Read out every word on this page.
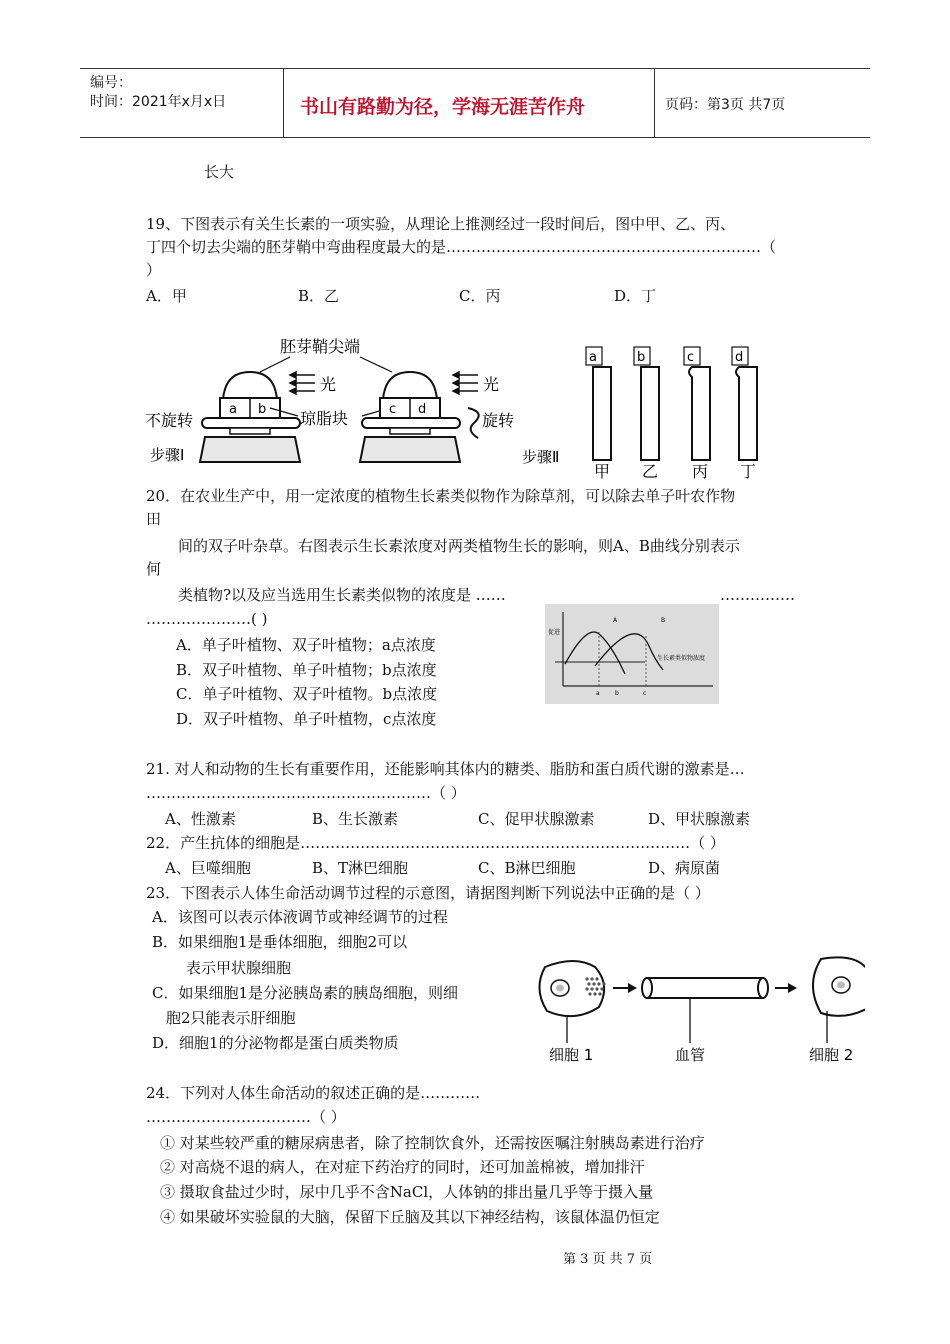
编号：
时间：2021年x月x日	书山有路勤为径，学海无涯苦作舟	页码：第3页 共7页
长大
19、下图表示有关生长素的一项实验，从理论上推测经过一段时间后，图中甲、乙、丙、
丁四个切去尖端的胚芽鞘中弯曲程度最大的是………………………………………………………（
）
A．甲	B．乙	C．丙	D．丁
胚芽鞘尖端
a b
光
琼脂块
不旋转
步骤Ⅰ
c d
光
旋转
a	b	c	d
步骤Ⅱ
甲 乙 丙 丁
20．在农业生产中，用一定浓度的植物生长素类似物作为除草剂，可以除去单子叶农作物
田
间的双子叶杂草。右图表示生长素浓度对两类植物生长的影响，则A、B曲线分别表示
何
类植物?以及应当选用生长素类似物的浓度是 ……	……………
…………………( )
A．单子叶植物、双子叶植物；a点浓度
B．双子叶植物、单子叶植物；b点浓度
C．单子叶植物、双子叶植物。b点浓度
D．双子叶植物、单子叶植物，c点浓度
促进
A	B
a	b	c
生长素类似物浓度
21. 对人和动物的生长有重要作用，还能影响其体内的糖类、脂肪和蛋白质代谢的激素是…
…………………………………………………（ ）
A、性激素	B、生长激素	C、促甲状腺激素	D、甲状腺激素
22．产生抗体的细胞是……………………………………………………………………（ ）
A、巨噬细胞	B、T淋巴细胞	C、B淋巴细胞	D、病原菌
23．下图表示人体生命活动调节过程的示意图，请据图判断下列说法中正确的是（ ）
A．该图可以表示体液调节或神经调节的过程
B．如果细胞1是垂体细胞，细胞2可以
表示甲状腺细胞
C．如果细胞1是分泌胰岛素的胰岛细胞，则细
胞2只能表示肝细胞
D．细胞1的分泌物都是蛋白质类物质
细胞 1	血管	细胞 2
24．下列对人体生命活动的叙述正确的是…………
……………………………（ ）
① 对某些较严重的糖尿病患者，除了控制饮食外，还需按医嘱注射胰岛素进行治疗
② 对高烧不退的病人，在对症下药治疗的同时，还可加盖棉被，增加排汗
③ 摄取食盐过少时，尿中几乎不含NaCl，人体钠的排出量几乎等于摄入量
④ 如果破坏实验鼠的大脑，保留下丘脑及其以下神经结构，该鼠体温仍恒定
第 3 页 共 7 页
